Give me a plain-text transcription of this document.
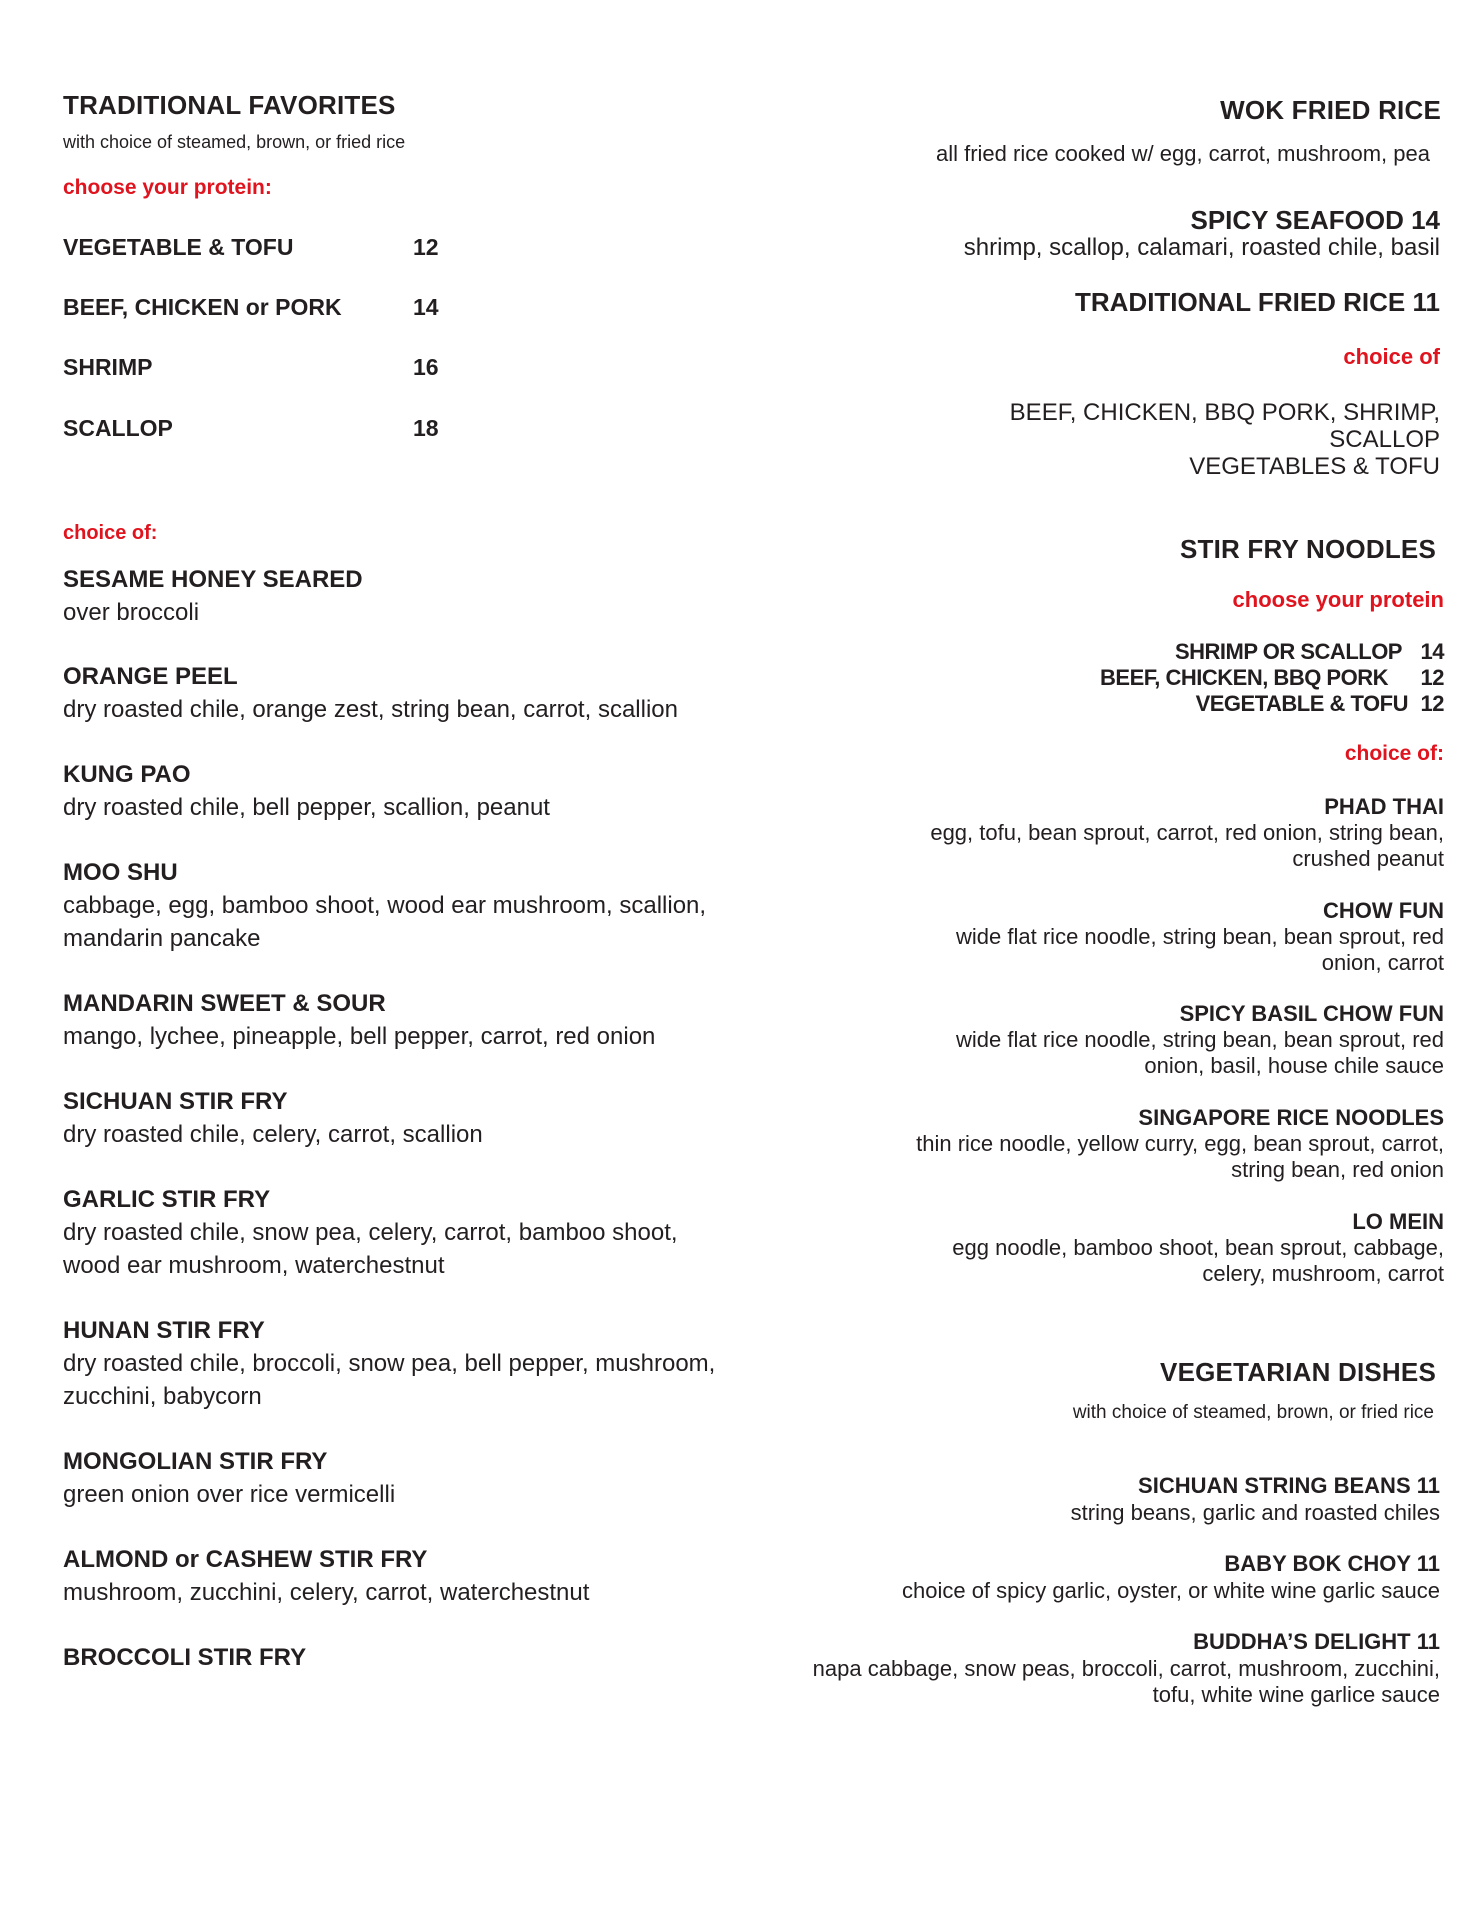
TRADITIONAL FAVORITES
with choice of steamed, brown, or fried rice
choose your protein:
VEGETABLE & TOFU	12
BEEF, CHICKEN or PORK	14
SHRIMP	16
SCALLOP	18
choice of:
SESAME HONEY SEARED
over broccoli
ORANGE PEEL
dry roasted chile, orange zest, string bean, carrot, scallion
KUNG PAO
dry roasted chile, bell pepper, scallion, peanut
MOO SHU
cabbage, egg, bamboo shoot, wood ear mushroom, scallion,
mandarin pancake
MANDARIN SWEET & SOUR
mango, lychee, pineapple, bell pepper, carrot, red onion
SICHUAN STIR FRY
dry roasted chile, celery, carrot, scallion
GARLIC STIR FRY
dry roasted chile, snow pea, celery, carrot, bamboo shoot,
wood ear mushroom, waterchestnut
HUNAN STIR FRY
dry roasted chile, broccoli, snow pea, bell pepper, mushroom,
zucchini, babycorn
MONGOLIAN STIR FRY
green onion over rice vermicelli
ALMOND or CASHEW STIR FRY
mushroom, zucchini, celery, carrot, waterchestnut
BROCCOLI STIR FRY
WOK FRIED RICE
all fried rice cooked w/ egg, carrot, mushroom, pea
SPICY SEAFOOD 14
shrimp, scallop, calamari, roasted chile, basil
TRADITIONAL FRIED RICE 11
choice of
BEEF, CHICKEN, BBQ PORK, SHRIMP,
SCALLOP
VEGETABLES & TOFU
STIR FRY NOODLES
choose your protein
SHRIMP OR SCALLOP 14
BEEF, CHICKEN, BBQ PORK 12
VEGETABLE & TOFU 12
choice of:
PHAD THAI
egg, tofu, bean sprout, carrot, red onion, string bean,
crushed peanut
CHOW FUN
wide flat rice noodle, string bean, bean sprout, red
onion, carrot
SPICY BASIL CHOW FUN
wide flat rice noodle, string bean, bean sprout, red
onion, basil, house chile sauce
SINGAPORE RICE NOODLES
thin rice noodle, yellow curry, egg, bean sprout, carrot,
string bean, red onion
LO MEIN
egg noodle, bamboo shoot, bean sprout, cabbage,
celery, mushroom, carrot
VEGETARIAN DISHES
with choice of steamed, brown, or fried rice
SICHUAN STRING BEANS 11
string beans, garlic and roasted chiles
BABY BOK CHOY 11
choice of spicy garlic, oyster, or white wine garlic sauce
BUDDHA’S DELIGHT 11
napa cabbage, snow peas, broccoli, carrot, mushroom, zucchini,
tofu, white wine garlice sauce
